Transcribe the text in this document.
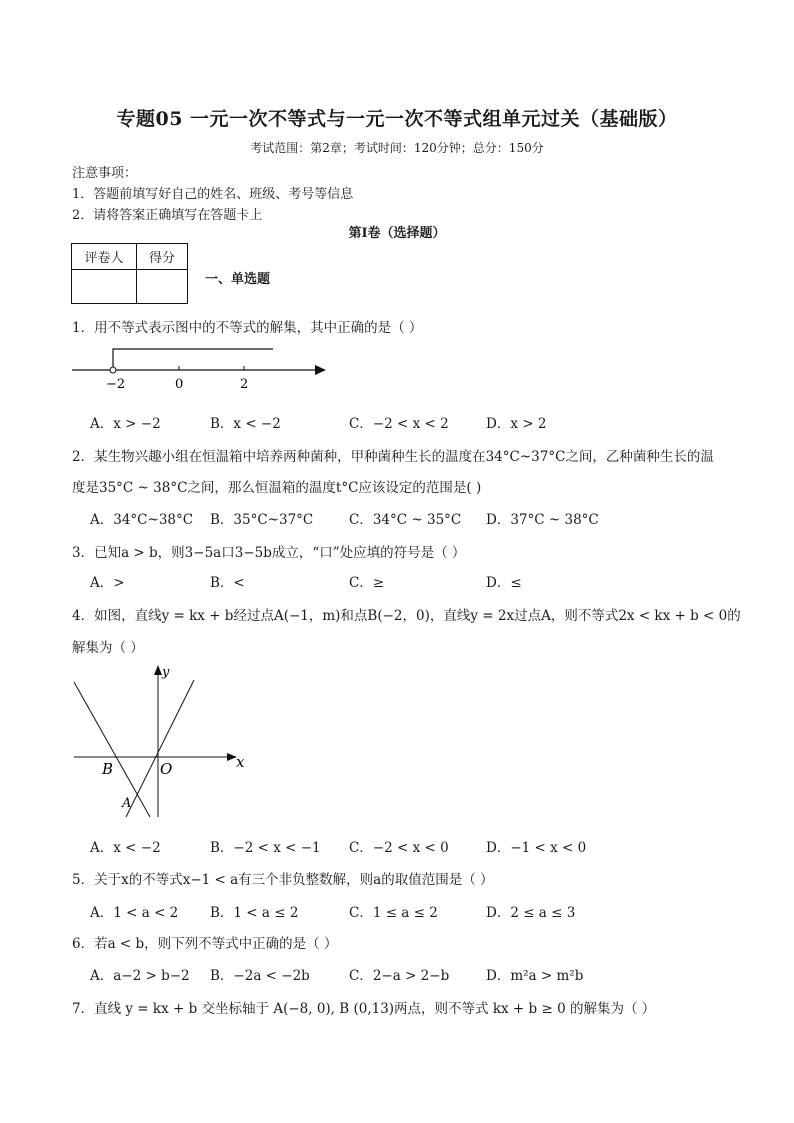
专题05 一元一次不等式与一元一次不等式组单元过关（基础版）
考试范围：第2章；考试时间：120分钟；总分：150分
注意事项：
1．答题前填写好自己的姓名、班级、考号等信息
2．请将答案正确填写在答题卡上
第I卷（选择题）
评卷人	得分

一、单选题
1．用不等式表示图中的不等式的解集，其中正确的是（ ）
−2	0	2
A．x > −2	B．x < −2	C．−2 < x < 2	D．x > 2
2．某生物兴趣小组在恒温箱中培养两种菌种，甲种菌种生长的温度在34°C~37°C之间，乙种菌种生长的温
度是35°C ~ 38°C之间，那么恒温箱的温度t°C应该设定的范围是( )
A．34°C~38°C B．35°C~37°C	C．34°C ~ 35°C D．37°C ~ 38°C
3．已知a > b，则3−5a口3−5b成立，“口”处应填的符号是（ ）
A．>	B．<	C．≥	D．≤
4．如图，直线y = kx + b经过点A(−1，m)和点B(−2，0)，直线y = 2x过点A，则不等式2x < kx + b < 0的
解集为（ ）
x
y
O
B
A
A．x < −2	B．−2 < x < −1 C．−2 < x < 0	D．−1 < x < 0
5．关于x的不等式x−1 < a有三个非负整数解，则a的取值范围是（ ）
A．1 < a < 2 B．1 < a ≤ 2	C．1 ≤ a ≤ 2	D．2 ≤ a ≤ 3
6．若a < b，则下列不等式中正确的是（ ）
A．a−2 > b−2 B．−2a < −2b	C．2−a > 2−b	D．m²a > m²b
7．直线 y = kx + b 交坐标轴于 A(−8, 0), B (0,13)两点，则不等式 kx + b ≥ 0 的解集为（ ）
